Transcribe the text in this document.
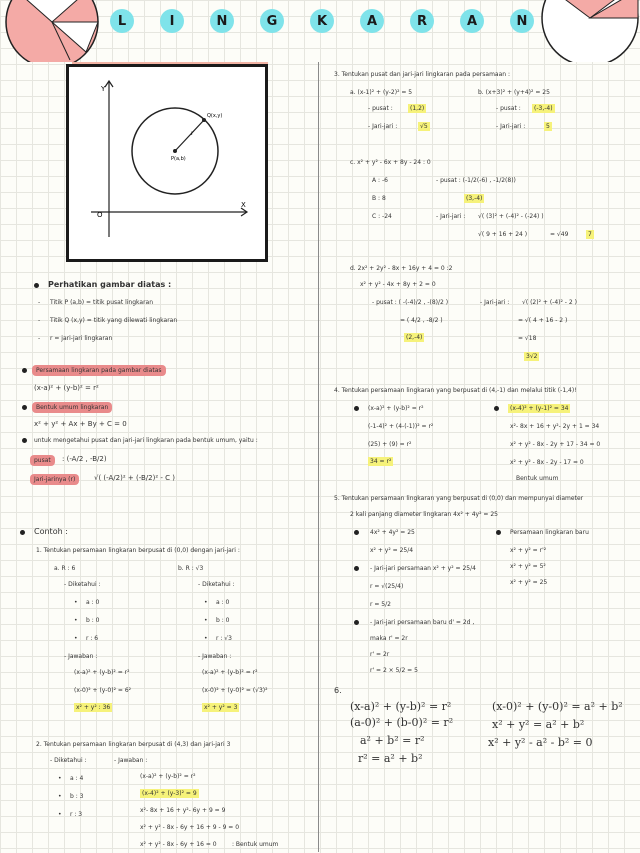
L	I	N	G	K	A	R	A	N
Y
X
O
Q(x,y)
P(a,b)
r
Perhatikan gambar diatas :
- Titik P (a,b) = titik pusat lingkaran
- Titik Q (x,y) = titik yang dilewati lingkaran
- r = jari-jari lingkaran
Persamaan lingkaran pada gambar diatas
(x-a)² + (y-b)² = r²
Bentuk umum lingkaran
x² + y² + Ax + By + C = 0
untuk mengetahui pusat dan jari-jari lingkaran pada bentuk umum, yaitu :
pusat	: (-A/2 , -B/2)
Jari-jarinya (r)	√( (-A/2)² + (-B/2)² - C )
Contoh :
1. Tentukan persamaan lingkaran berpusat di (0,0) dengan jari-jari :
a. R : 6
- Diketahui :
• a : 0
• b : 0
• r : 6
- Jawaban :
(x-a)² + (y-b)² = r²
(x-0)² + (y-0)² = 6²
x² + y² : 36
b. R : √3
- Diketahui :
• a : 0
• b : 0
• r : √3
- Jawaban :
(x-a)² + (y-b)² = r²
(x-0)² + (y-0)² = (√3)²
x² + y² = 3
2. Tentukan persamaan lingkaran berpusat di (4,3) dan jari-jari 3
- Diketahui :
• a : 4
• b : 3
• r : 3
- Jawaban :
(x-a)² + (y-b)² = r²
(x-4)² + (y-3)² = 9
x²- 8x + 16 + y²- 6y + 9 = 9
x² + y² - 8x - 6y + 16 + 9 - 9 = 0
x² + y² - 8x - 6y + 16 = 0	: Bentuk umum
3. Tentukan pusat dan jari-jari lingkaran pada persamaan :
a. (x-1)² + (y-2)² = 5
- pusat :	(1,2)
- Jari-jari :	√5
b. (x+3)² + (y+4)² = 25
- pusat :	(-3,-4)
- Jari-jari :	5
c. x² + y² - 6x + 8y - 24 : 0
A : -6
B : 8
C : -24
- pusat : (-1/2(-6) , -1/2(8))
(3,-4)
- Jari-jari : √( (3)² + (-4)² - (-24) )
√( 9 + 16 + 24 )	= √49	7
d. 2x² + 2y² - 8x + 16y + 4 = 0 :2
x² + y² - 4x + 8y + 2 = 0
- pusat : ( -(-4)/2 , -(8)/2 )
= ( 4/2 , -8/2 )
(2,-4)
- Jari-jari : √( (2)² + (-4)² - 2 )
= √( 4 + 16 - 2 )
= √18
3√2
4. Tentukan persamaan lingkaran yang berpusat di (4,-1) dan melalui titik (-1,4)!
(x-a)² + (y-b)² = r²
(-1-4)² + (4-(-1))² = r²
(25) + (9) = r²
34 = r²
(x-4)² + (y-1)² = 34
x²- 8x + 16 + y²- 2y + 1 = 34
x² + y² - 8x - 2y + 17 - 34 = 0
x² + y² - 8x - 2y - 17 = 0
Bentuk umum
5. Tentukan persamaan lingkaran yang berpusat di (0,0) dan mempunyai diameter
2 kali panjang diameter lingkaran 4x² + 4y² = 25
4x² + 4y² = 25
x² + y² = 25/4
- Jari-jari persamaan x² + y² = 25/4
r = √(25/4)
r = 5/2
- Jari-jari persamaan baru d' = 2d ,
maka r' = 2r
r' = 2r
r' = 2 × 5/2 = 5
Persamaan lingkaran baru
x² + y² = r'²
x² + y² = 5²
x² + y² = 25
6.
(x-a)² + (y-b)² = r²
(a-0)² + (b-0)² = r²
a² + b² = r²
r² = a² + b²
(x-0)² + (y-0)² = a² + b²
x² + y² = a² + b²
x² + y² - a² - b² = 0
